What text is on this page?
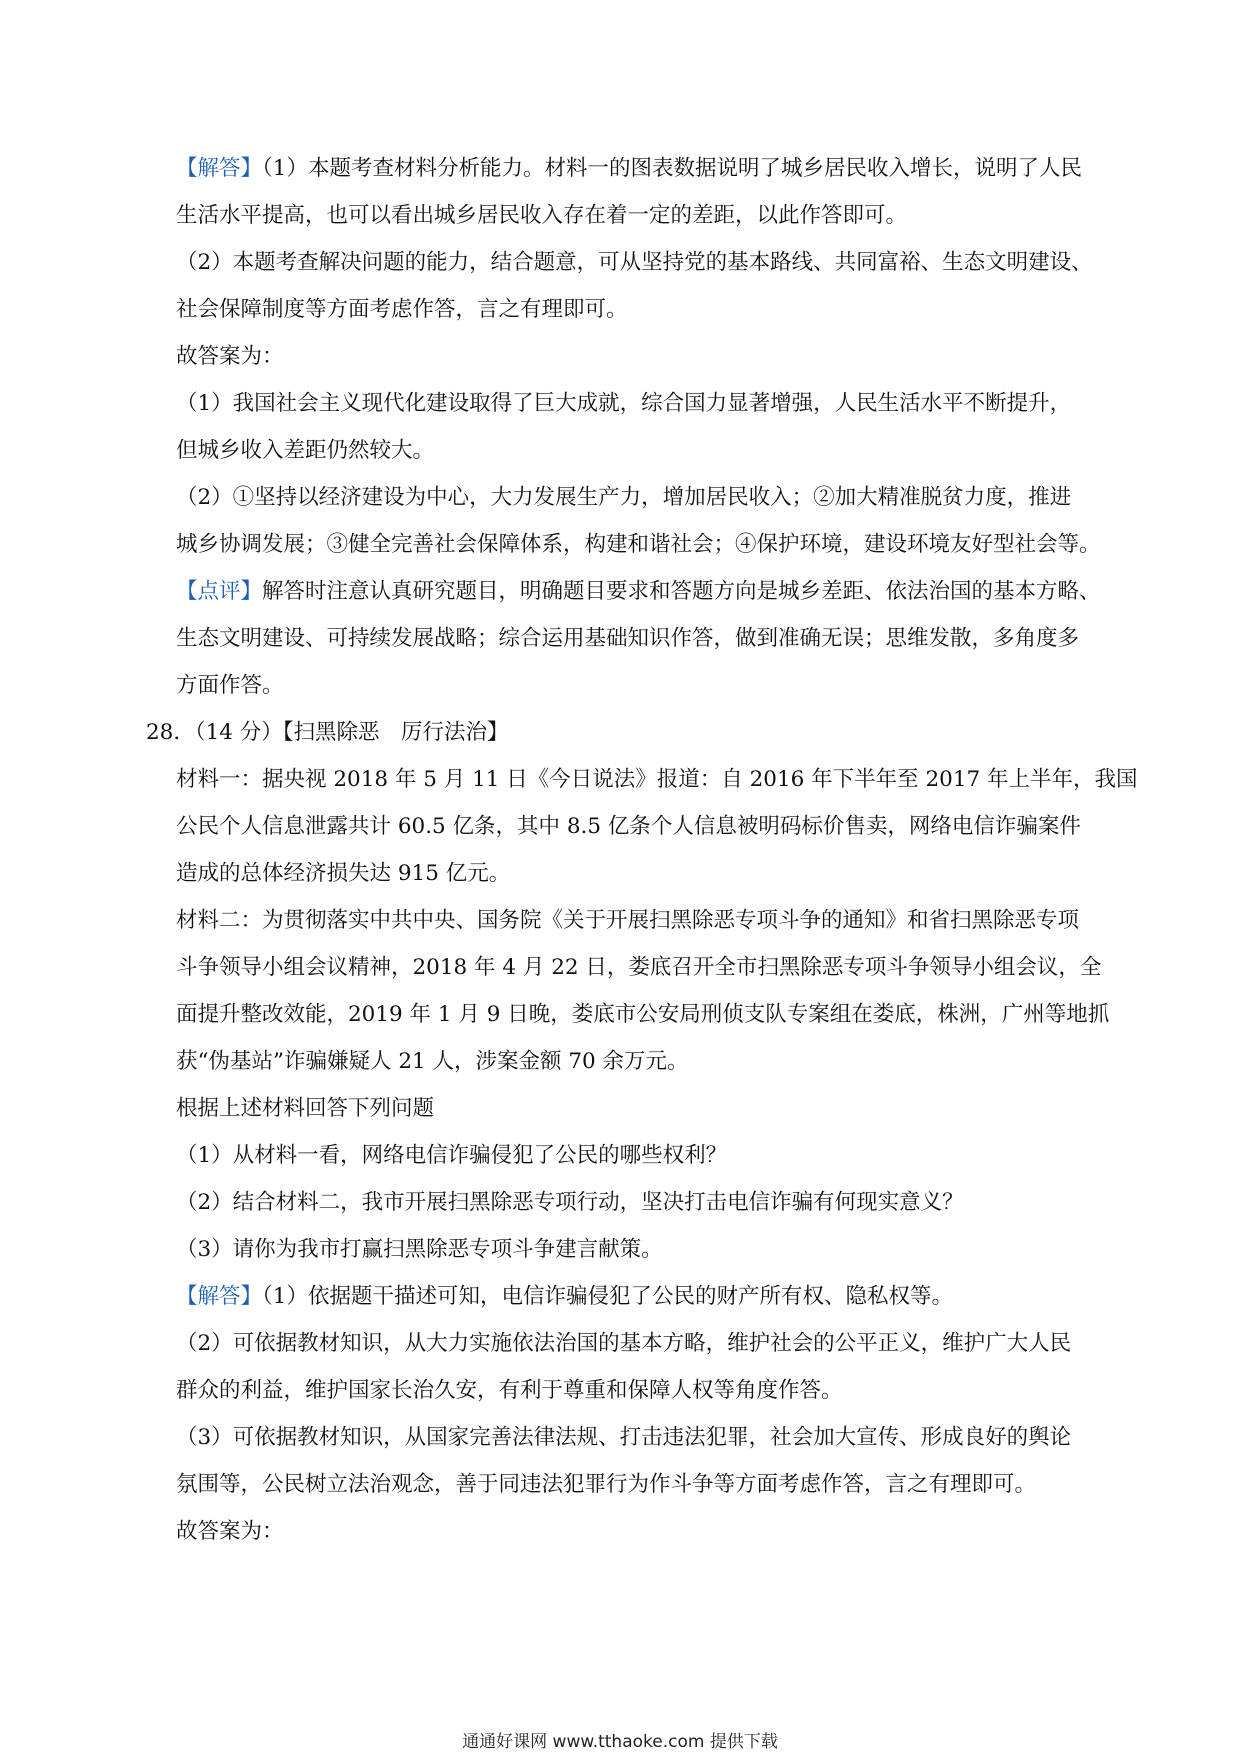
【解答】（1）本题考查材料分析能力。材料一的图表数据说明了城乡居民收入增长，说明了人民
生活水平提高，也可以看出城乡居民收入存在着一定的差距，以此作答即可。
（2）本题考查解决问题的能力，结合题意，可从坚持党的基本路线、共同富裕、生态文明建设、
社会保障制度等方面考虑作答，言之有理即可。
故答案为：
（1）我国社会主义现代化建设取得了巨大成就，综合国力显著增强，人民生活水平不断提升，
但城乡收入差距仍然较大。
（2）①坚持以经济建设为中心，大力发展生产力，增加居民收入；②加大精准脱贫力度，推进
城乡协调发展；③健全完善社会保障体系，构建和谐社会；④保护环境，建设环境友好型社会等。
【点评】解答时注意认真研究题目，明确题目要求和答题方向是城乡差距、依法治国的基本方略、
生态文明建设、可持续发展战略；综合运用基础知识作答，做到准确无误；思维发散，多角度多
方面作答。
28．（14 分）【扫黑除恶　厉行法治】
材料一：据央视 2018 年 5 月 11 日《今日说法》报道：自 2016 年下半年至 2017 年上半年，我国
公民个人信息泄露共计 60.5 亿条，其中 8.5 亿条个人信息被明码标价售卖，网络电信诈骗案件
造成的总体经济损失达 915 亿元。
材料二：为贯彻落实中共中央、国务院《关于开展扫黑除恶专项斗争的通知》和省扫黑除恶专项
斗争领导小组会议精神，2018 年 4 月 22 日，娄底召开全市扫黑除恶专项斗争领导小组会议，全
面提升整改效能，2019 年 1 月 9 日晚，娄底市公安局刑侦支队专案组在娄底，株洲，广州等地抓
获“伪基站”诈骗嫌疑人 21 人，涉案金额 70 余万元。
根据上述材料回答下列问题
（1）从材料一看，网络电信诈骗侵犯了公民的哪些权利？
（2）结合材料二，我市开展扫黑除恶专项行动，坚决打击电信诈骗有何现实意义？
（3）请你为我市打赢扫黑除恶专项斗争建言献策。
【解答】（1）依据题干描述可知，电信诈骗侵犯了公民的财产所有权、隐私权等。
（2）可依据教材知识，从大力实施依法治国的基本方略，维护社会的公平正义，维护广大人民
群众的利益，维护国家长治久安，有利于尊重和保障人权等角度作答。
（3）可依据教材知识，从国家完善法律法规、打击违法犯罪，社会加大宣传、形成良好的舆论
氛围等，公民树立法治观念，善于同违法犯罪行为作斗争等方面考虑作答，言之有理即可。
故答案为：
通通好课网 www.tthaoke.com 提供下载
